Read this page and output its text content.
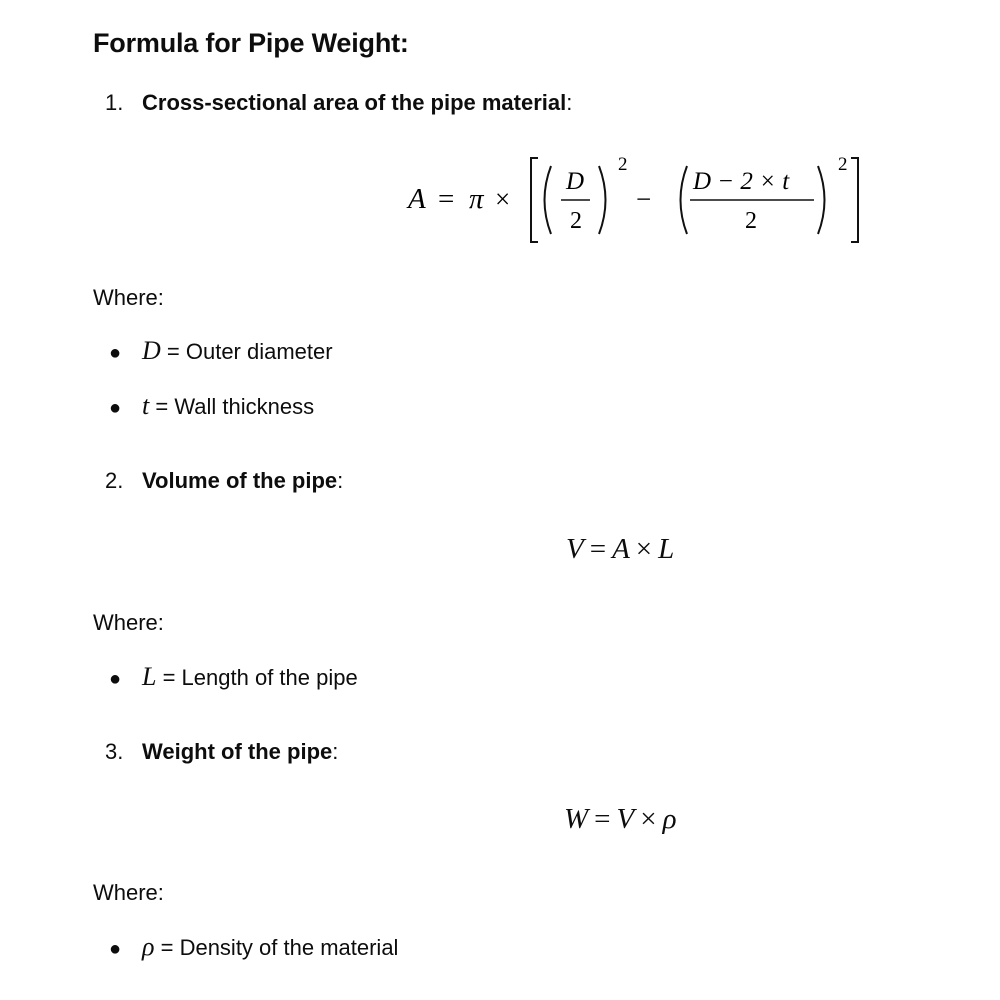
Formula for Pipe Weight:
1. Cross-sectional area of the pipe material:
A = π ×
D
2
2
−
D − 2 × t
2
2
Where:
● D = Outer diameter
● t = Wall thickness
2. Volume of the pipe:
V = A × L
Where:
● L = Length of the pipe
3. Weight of the pipe:
W = V × ρ
Where:
● ρ = Density of the material
